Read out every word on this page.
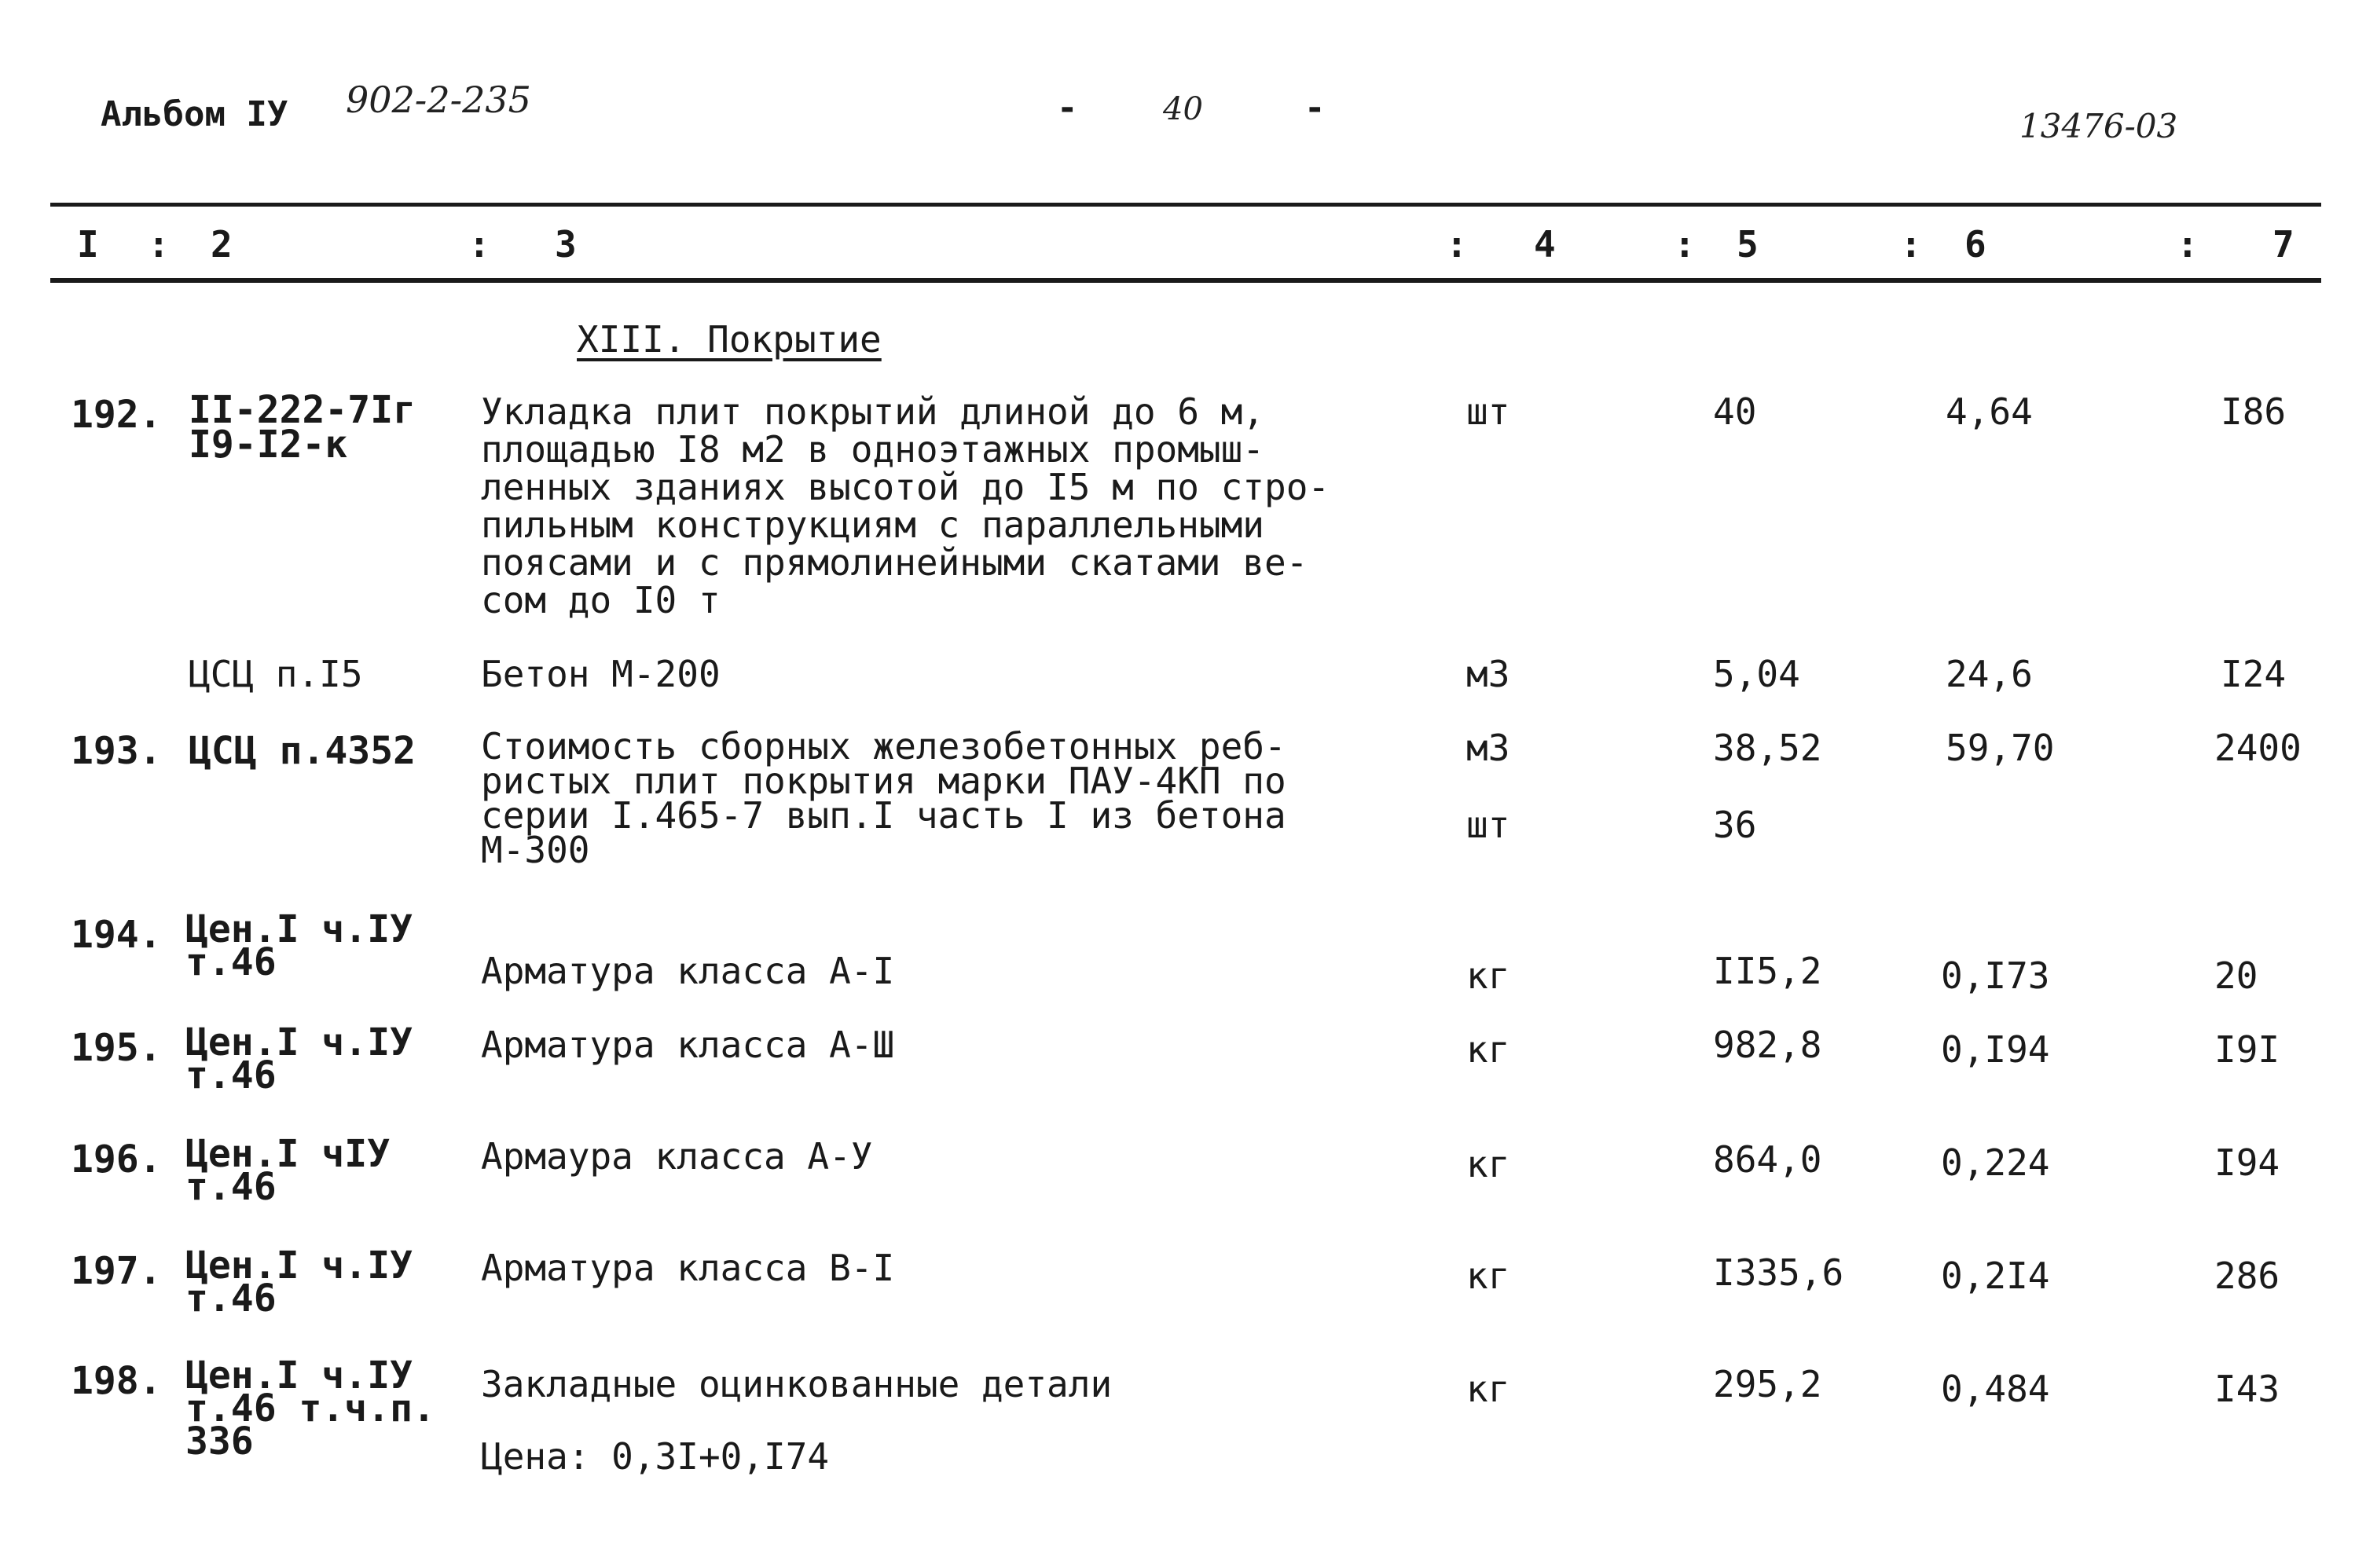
Альбом IУ 902-2-235	-	40	-	13476-03
I : 2	: 3	: 4	: 5	: 6	: 7
XIII. Покрытие
192. II-222-7Iг
I9-I2-к
Укладка плит покрытий длиной до 6 м,
площадью I8 м2 в одноэтажных промыш-
ленных зданиях высотой до I5 м по стро-
пильным конструкциям с параллельными
поясами и с прямолинейными скатами ве-
сом до I0 т
шт	40	4,64	I86
ЦСЦ п.I5	Бетон М-200	м3	5,04	24,6	I24
193. ЦСЦ п.4352 Стоимость сборных железобетонных реб-
ристых плит покрытия марки ПАУ-4КП по
серии I.465-7 вып.I часть I из бетона
М-300
м3	38,52	59,70	2400
шт	36
194. Цен.I ч.IУ
т.46	Арматура класса А-I	кг	II5,2	0,I73	20
195. Цен.I ч.IУ
т.46
Арматура класса А-Ш	кг	982,8	0,I94	I9I
196. Цен.I чIУ
т.46
Армаура класса А-У	кг	864,0	0,224	I94
197. Цен.I ч.IУ
т.46
Арматура класса В-I	кг	I335,6	0,2I4	286
198. Цен.I ч.IУ
т.46 т.ч.п.
336
Закладные оцинкованные детали	кг	295,2	0,484	I43
Цена: 0,3I+0,I74
